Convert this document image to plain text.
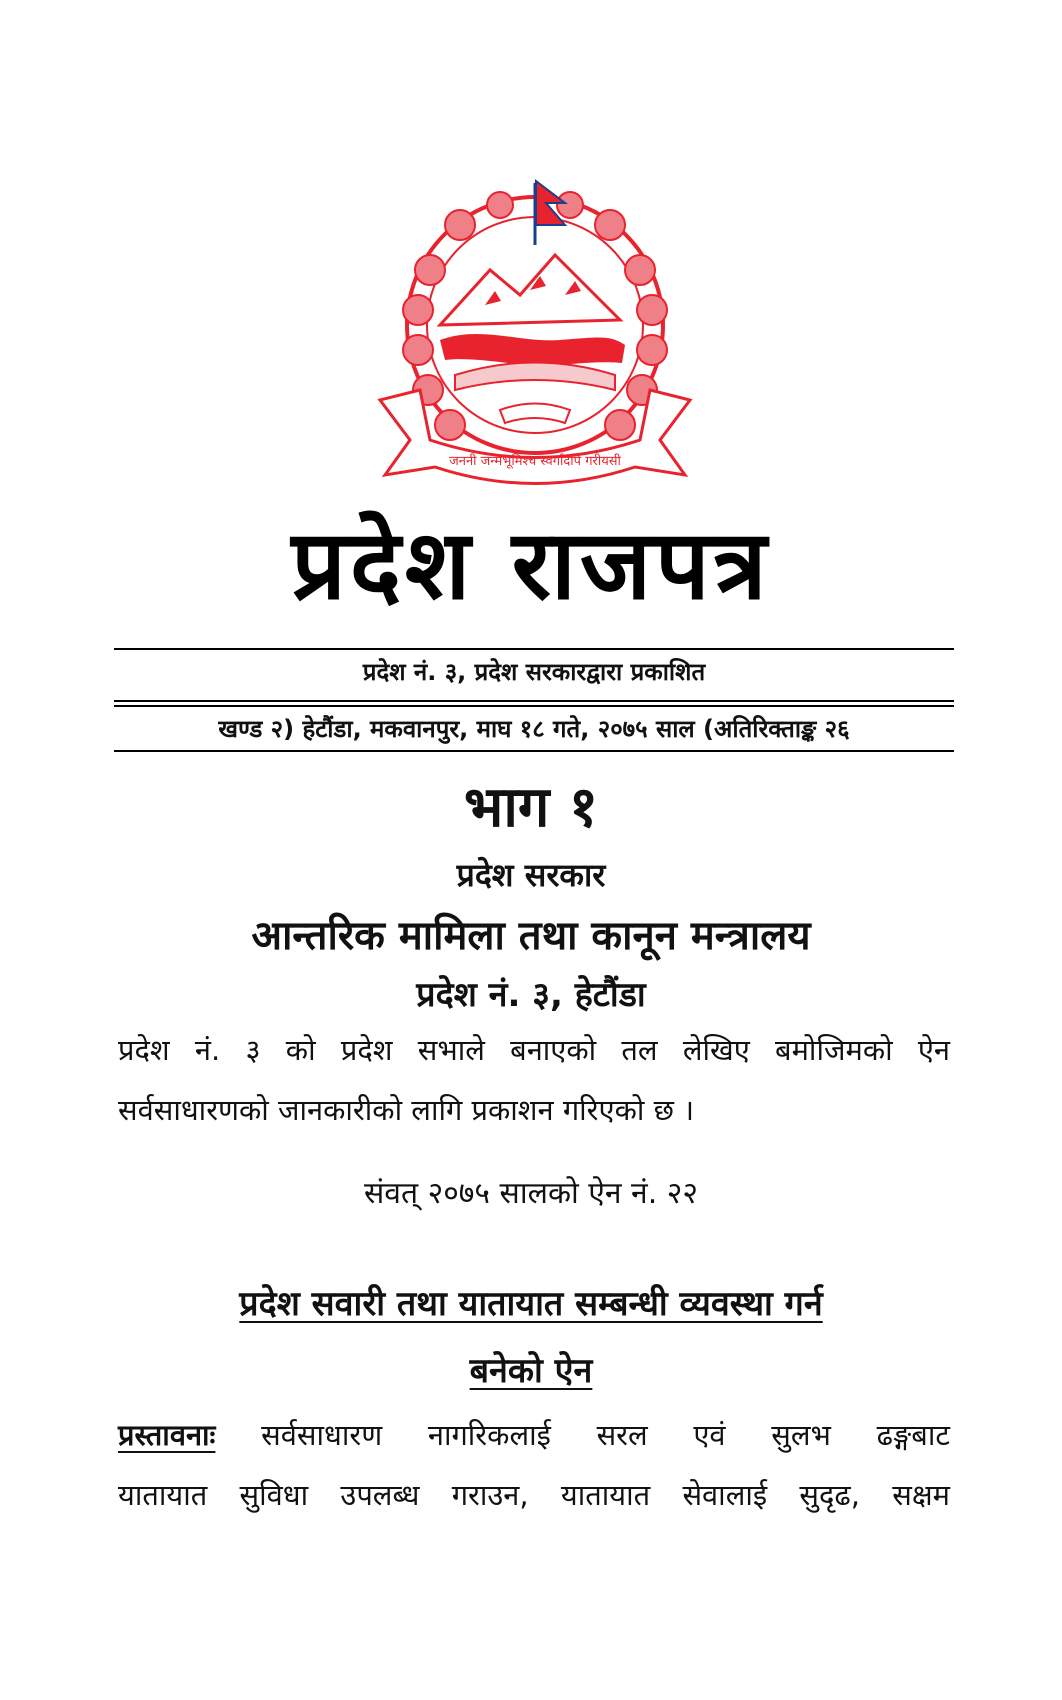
जननी जन्मभूमिश्च स्वर्गादपि गरीयसी
प्रदेश राजपत्र
प्रदेश नं. ३, प्रदेश सरकारद्वारा प्रकाशित
खण्ड २) हेटौंडा, मकवानपुर, माघ १८ गते, २०७५ साल (अतिरिक्ताङ्क २६
भाग १
प्रदेश सरकार
आन्तरिक मामिला तथा कानून मन्त्रालय
प्रदेश नं. ३, हेटौंडा
प्रदेश नं. ३ को प्रदेश सभाले बनाएको तल लेखिए बमोजिमको ऐन
सर्वसाधारणको जानकारीको लागि प्रकाशन गरिएको छ ।
संवत् २०७५ सालको ऐन नं. २२
प्रदेश सवारी तथा यातायात सम्बन्धी व्यवस्था गर्न
बनेको ऐन
प्रस्तावनाः सर्वसाधारण नागरिकलाई सरल एवं सुलभ ढङ्गबाट
यातायात सुविधा उपलब्ध गराउन, यातायात सेवालाई सुदृढ, सक्षम
